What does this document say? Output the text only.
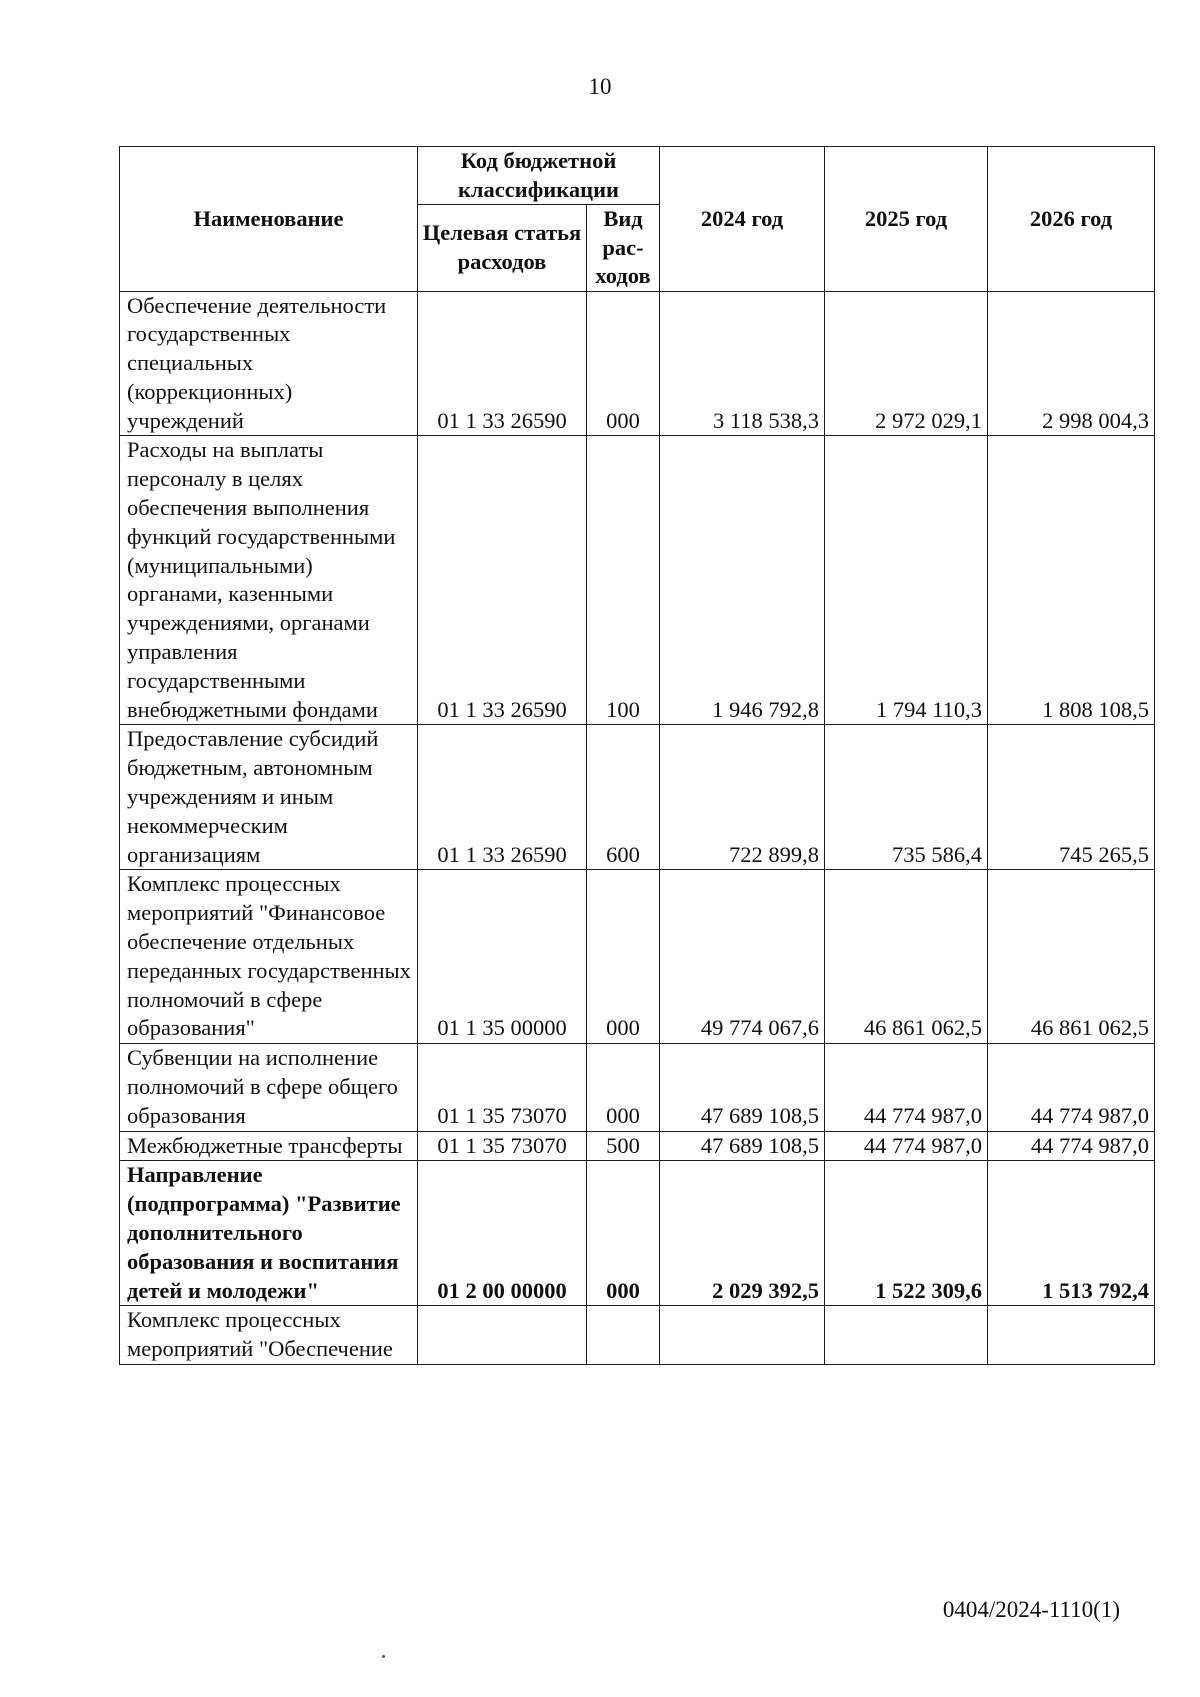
10
Наименование	Код бюджетной классификации		2024 год	2025 год	2026 год
	Целевая статья расходов	Вид рас-ходов			
Обеспечение деятельности государственных специальных (коррекционных) учреждений	01 1 33 26590	000	3 118 538,3	2 972 029,1	2 998 004,3
Расходы на выплаты персоналу в целях обеспечения выполнения функций государственными (муниципальными) органами, казенными учреждениями, органами управления государственными внебюджетными фондами	01 1 33 26590	100	1 946 792,8	1 794 110,3	1 808 108,5
Предоставление субсидий бюджетным, автономным учреждениям и иным некоммерческим организациям	01 1 33 26590	600	722 899,8	735 586,4	745 265,5
Комплекс процессных мероприятий "Финансовое обеспечение отдельных переданных государственных полномочий в сфере образования"	01 1 35 00000	000	49 774 067,6	46 861 062,5	46 861 062,5
Субвенции на исполнение полномочий в сфере общего образования	01 1 35 73070	000	47 689 108,5	44 774 987,0	44 774 987,0
Межбюджетные трансферты	01 1 35 73070	500	47 689 108,5	44 774 987,0	44 774 987,0
Направление (подпрограмма) "Развитие дополнительного образования и воспитания детей и молодежи"	01 2 00 00000	000	2 029 392,5	1 522 309,6	1 513 792,4
Комплекс процессных мероприятий "Обеспечение					
0404/2024-1110(1)
